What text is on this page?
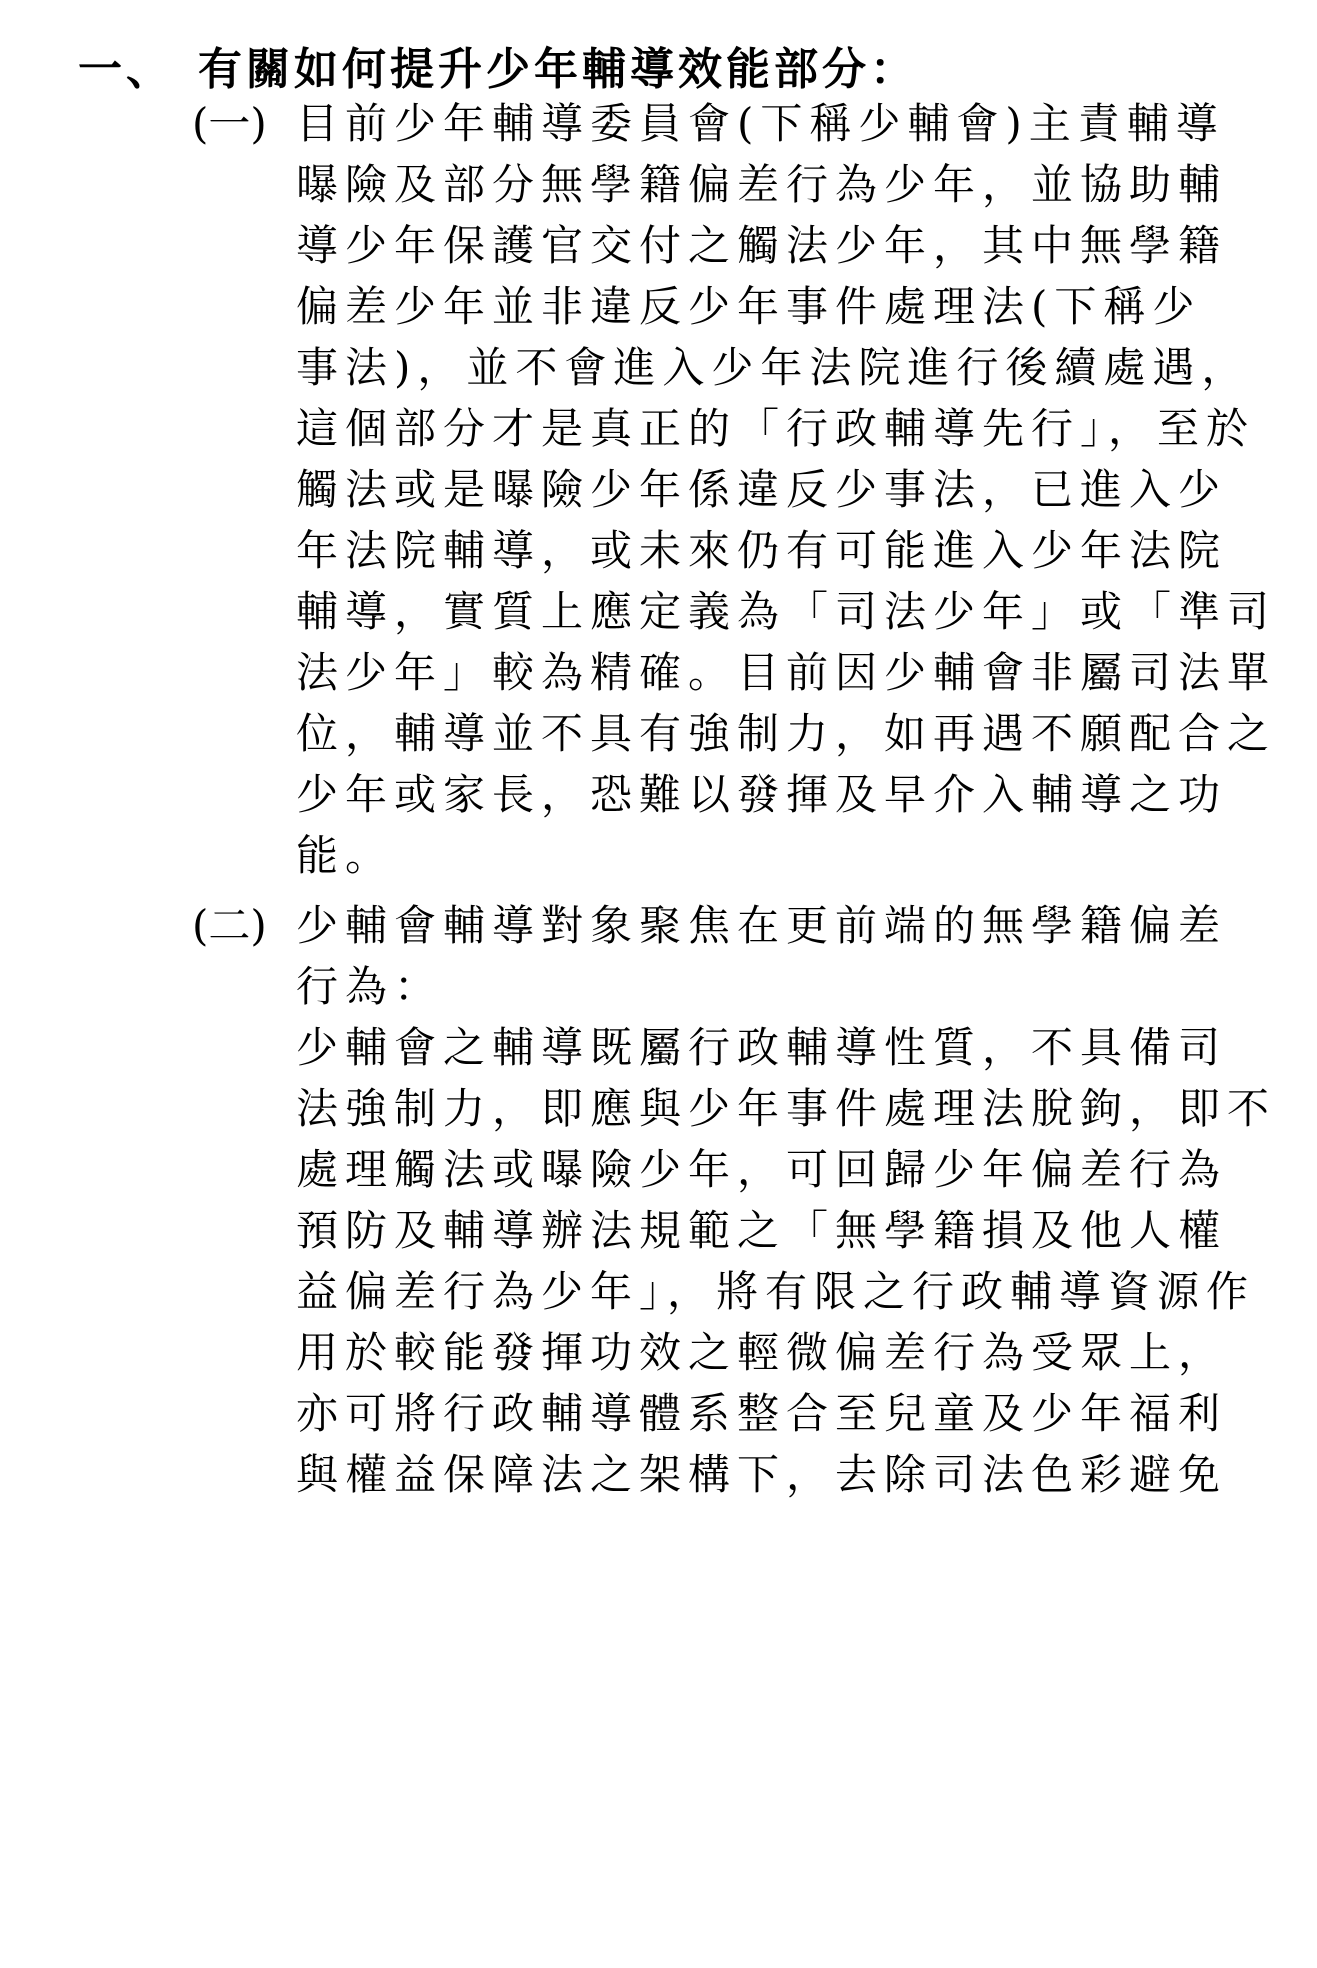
一、 有關如何提升少年輔導效能部分：
(一) 目前少年輔導委員會(下稱少輔會)主責輔導
曝險及部分無學籍偏差行為少年，並協助輔
導少年保護官交付之觸法少年，其中無學籍
偏差少年並非違反少年事件處理法(下稱少
事法)，並不會進入少年法院進行後續處遇，
這個部分才是真正的「行政輔導先行」，至於
觸法或是曝險少年係違反少事法，已進入少
年法院輔導，或未來仍有可能進入少年法院
輔導，實質上應定義為「司法少年」或「準司
法少年」較為精確。目前因少輔會非屬司法單
位，輔導並不具有強制力，如再遇不願配合之
少年或家長，恐難以發揮及早介入輔導之功
能。
(二) 少輔會輔導對象聚焦在更前端的無學籍偏差
行為：
少輔會之輔導既屬行政輔導性質，不具備司
法強制力，即應與少年事件處理法脫鉤，即不
處理觸法或曝險少年，可回歸少年偏差行為
預防及輔導辦法規範之「無學籍損及他人權
益偏差行為少年」，將有限之行政輔導資源作
用於較能發揮功效之輕微偏差行為受眾上，
亦可將行政輔導體系整合至兒童及少年福利
與權益保障法之架構下，去除司法色彩避免
